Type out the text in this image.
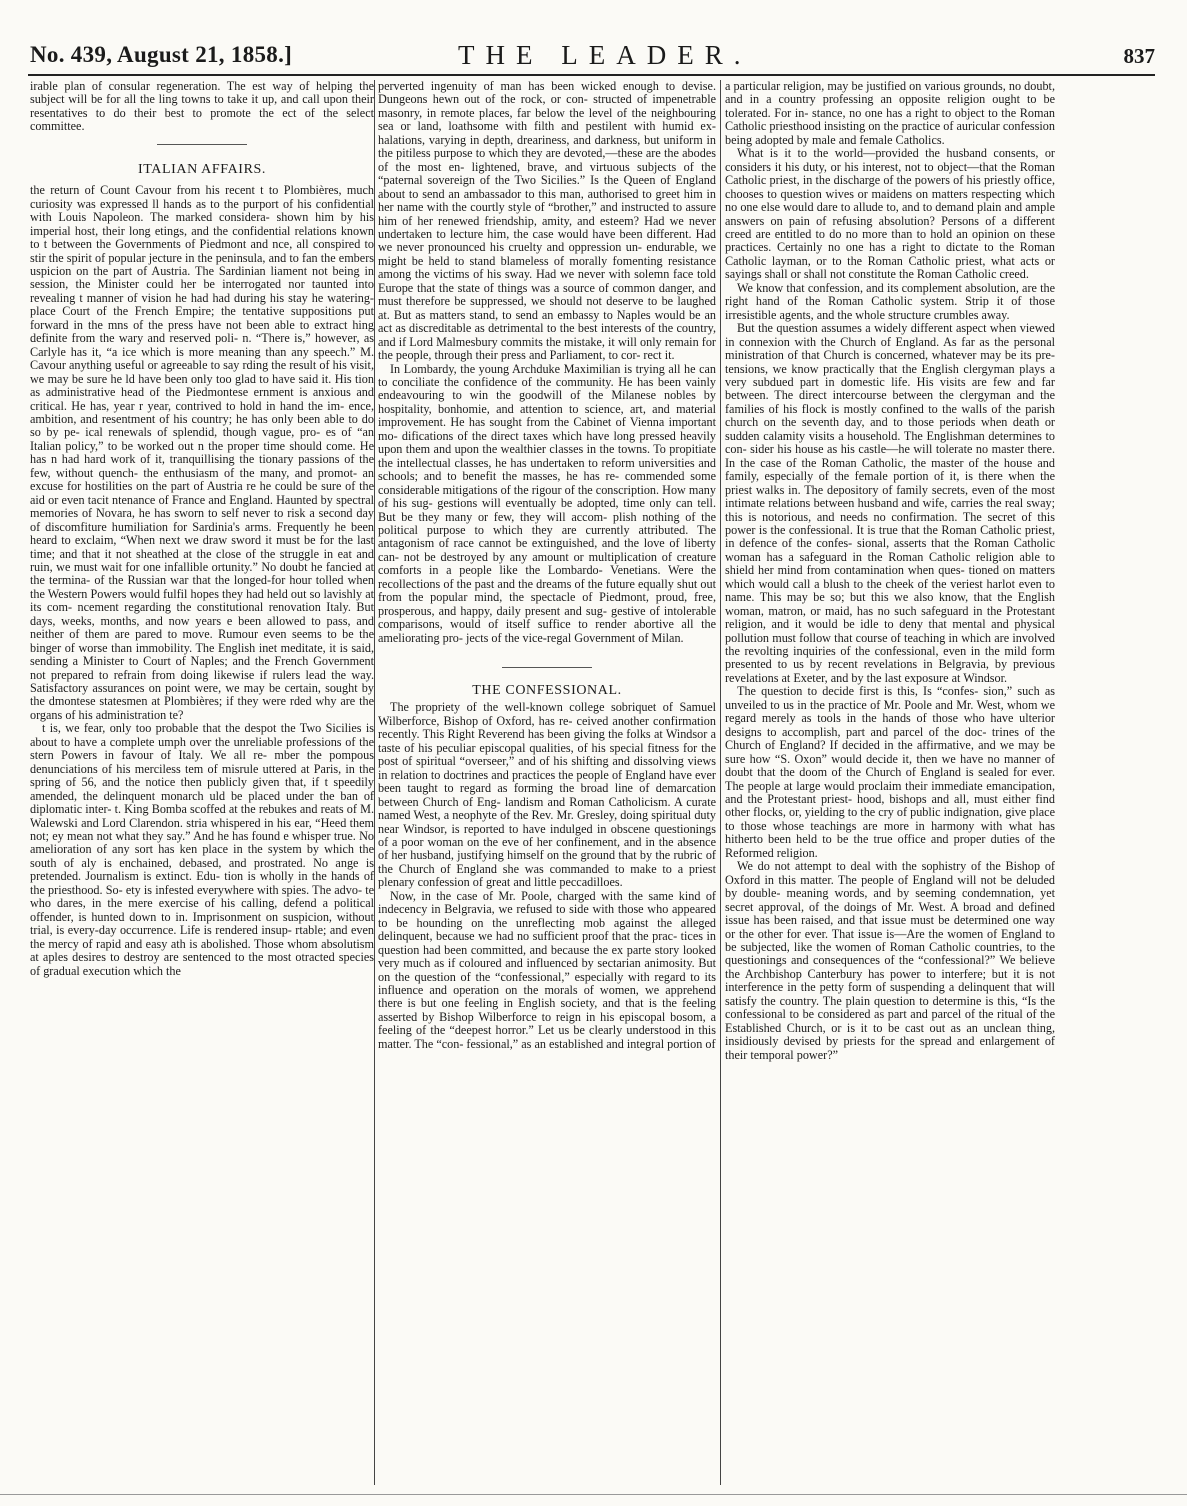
No. 439, August 21, 1858.]	THE LEADER.	837

irable plan of consular regeneration. The est way of helping the subject will be for all the ling towns to take it up, and call upon their resentatives to do their best to promote the ect of the select committee.

ITALIAN AFFAIRS.

the return of Count Cavour from his recent t to Plombières, much curiosity was expressed ll hands as to the purport of his confidential with Louis Napoleon. The marked considera- shown him by his imperial host, their long etings, and the confidential relations known to t between the Governments of Piedmont and nce, all conspired to stir the spirit of popular jecture in the peninsula, and to fan the embers uspicion on the part of Austria. The Sardinian liament not being in session, the Minister could her be interrogated nor taunted into revealing t manner of vision he had had during his stay he watering-place Court of the French Empire; the tentative suppositions put forward in the mns of the press have not been able to extract hing definite from the wary and reserved poli- n. “There is,” however, as Carlyle has it, “a ice which is more meaning than any speech.” M. Cavour anything useful or agreeable to say rding the result of his visit, we may be sure he ld have been only too glad to have said it. His tion as administrative head of the Piedmontese ernment is anxious and critical. He has, year r year, contrived to hold in hand the im- ence, ambition, and resentment of his country; he has only been able to do so by pe- ical renewals of splendid, though vague, pro- es of “an Italian policy,” to be worked out n the proper time should come. He has n had hard work of it, tranquillising the tionary passions of the few, without quench- the enthusiasm of the many, and promot- an excuse for hostilities on the part of Austria re he could be sure of the aid or even tacit ntenance of France and England. Haunted by spectral memories of Novara, he has sworn to self never to risk a second day of discomfiture humiliation for Sardinia's arms. Frequently he been heard to exclaim, “When next we draw sword it must be for the last time; and that it not sheathed at the close of the struggle in eat and ruin, we must wait for one infallible ortunity.” No doubt he fancied at the termina- of the Russian war that the longed-for hour tolled when the Western Powers would fulfil hopes they had held out so lavishly at its com- ncement regarding the constitutional renovation Italy. But days, weeks, months, and now years e been allowed to pass, and neither of them are pared to move. Rumour even seems to be the binger of worse than immobility. The English inet meditate, it is said, sending a Minister to Court of Naples; and the French Government not prepared to refrain from doing likewise if rulers lead the way. Satisfactory assurances on point were, we may be certain, sought by the dmontese statesmen at Plombières; if they were rded why are the organs of his administration te?

t is, we fear, only too probable that the despot the Two Sicilies is about to have a complete umph over the unreliable professions of the stern Powers in favour of Italy. We all re- mber the pompous denunciations of his merciless tem of misrule uttered at Paris, in the spring of 56, and the notice then publicly given that, if t speedily amended, the delinquent monarch uld be placed under the ban of diplomatic inter- t. King Bomba scoffed at the rebukes and reats of M. Walewski and Lord Clarendon. stria whispered in his ear, “Heed them not; ey mean not what they say.” And he has found e whisper true. No amelioration of any sort has ken place in the system by which the south of aly is enchained, debased, and prostrated. No ange is pretended. Journalism is extinct. Edu- tion is wholly in the hands of the priesthood. So- ety is infested everywhere with spies. The advo- te who dares, in the mere exercise of his calling, defend a political offender, is hunted down to in. Imprisonment on suspicion, without trial, is every-day occurrence. Life is rendered insup- rtable; and even the mercy of rapid and easy ath is abolished. Those whom absolutism at aples desires to destroy are sentenced to the most otracted species of gradual execution which the

perverted ingenuity of man has been wicked enough to devise. Dungeons hewn out of the rock, or con- structed of impenetrable masonry, in remote places, far below the level of the neighbouring sea or land, loathsome with filth and pestilent with humid ex- halations, varying in depth, dreariness, and darkness, but uniform in the pitiless purpose to which they are devoted,—these are the abodes of the most en- lightened, brave, and virtuous subjects of the “paternal sovereign of the Two Sicilies.” Is the Queen of England about to send an ambassador to this man, authorised to greet him in her name with the courtly style of “brother,” and instructed to assure him of her renewed friendship, amity, and esteem? Had we never undertaken to lecture him, the case would have been different. Had we never pronounced his cruelty and oppression un- endurable, we might be held to stand blameless of morally fomenting resistance among the victims of his sway. Had we never with solemn face told Europe that the state of things was a source of common danger, and must therefore be suppressed, we should not deserve to be laughed at. But as matters stand, to send an embassy to Naples would be an act as discreditable as detrimental to the best interests of the country, and if Lord Malmesbury commits the mistake, it will only remain for the people, through their press and Parliament, to cor- rect it.

In Lombardy, the young Archduke Maximilian is trying all he can to conciliate the confidence of the community. He has been vainly endeavouring to win the goodwill of the Milanese nobles by hospitality, bonhomie, and attention to science, art, and material improvement. He has sought from the Cabinet of Vienna important mo- difications of the direct taxes which have long pressed heavily upon them and upon the wealthier classes in the towns. To propitiate the intellectual classes, he has undertaken to reform universities and schools; and to benefit the masses, he has re- commended some considerable mitigations of the rigour of the conscription. How many of his sug- gestions will eventually be adopted, time only can tell. But be they many or few, they will accom- plish nothing of the political purpose to which they are currently attributed. The antagonism of race cannot be extinguished, and the love of liberty can- not be destroyed by any amount or multiplication of creature comforts in a people like the Lombardo- Venetians. Were the recollections of the past and the dreams of the future equally shut out from the popular mind, the spectacle of Piedmont, proud, free, prosperous, and happy, daily present and sug- gestive of intolerable comparisons, would of itself suffice to render abortive all the ameliorating pro- jects of the vice-regal Government of Milan.

THE CONFESSIONAL.

The propriety of the well-known college sobriquet of Samuel Wilberforce, Bishop of Oxford, has re- ceived another confirmation recently. This Right Reverend has been giving the folks at Windsor a taste of his peculiar episcopal qualities, of his special fitness for the post of spiritual “overseer,” and of his shifting and dissolving views in relation to doctrines and practices the people of England have ever been taught to regard as forming the broad line of demarcation between Church of Eng- landism and Roman Catholicism. A curate named West, a neophyte of the Rev. Mr. Gresley, doing spiritual duty near Windsor, is reported to have indulged in obscene questionings of a poor woman on the eve of her confinement, and in the absence of her husband, justifying himself on the ground that by the rubric of the Church of England she was commanded to make to a priest plenary confession of great and little peccadilloes.

Now, in the case of Mr. Poole, charged with the same kind of indecency in Belgravia, we refused to side with those who appeared to be hounding on the unreflecting mob against the alleged delinquent, because we had no sufficient proof that the prac- tices in question had been committed, and because the ex parte story looked very much as if coloured and influenced by sectarian animosity. But on the question of the “confessional,” especially with regard to its influence and operation on the morals of women, we apprehend there is but one feeling in English society, and that is the feeling asserted by Bishop Wilberforce to reign in his episcopal bosom, a feeling of the “deepest horror.” Let us be clearly understood in this matter. The “con- fessional,” as an established and integral portion of

a particular religion, may be justified on various grounds, no doubt, and in a country professing an opposite religion ought to be tolerated. For in- stance, no one has a right to object to the Roman Catholic priesthood insisting on the practice of auricular confession being adopted by male and female Catholics.

What is it to the world—provided the husband consents, or considers it his duty, or his interest, not to object—that the Roman Catholic priest, in the discharge of the powers of his priestly office, chooses to question wives or maidens on matters respecting which no one else would dare to allude to, and to demand plain and ample answers on pain of refusing absolution? Persons of a different creed are entitled to do no more than to hold an opinion on these practices. Certainly no one has a right to dictate to the Roman Catholic layman, or to the Roman Catholic priest, what acts or sayings shall or shall not constitute the Roman Catholic creed.

We know that confession, and its complement absolution, are the right hand of the Roman Catholic system. Strip it of those irresistible agents, and the whole structure crumbles away.

But the question assumes a widely different aspect when viewed in connexion with the Church of England. As far as the personal ministration of that Church is concerned, whatever may be its pre- tensions, we know practically that the English clergyman plays a very subdued part in domestic life. His visits are few and far between. The direct intercourse between the clergyman and the families of his flock is mostly confined to the walls of the parish church on the seventh day, and to those periods when death or sudden calamity visits a household. The Englishman determines to con- sider his house as his castle—he will tolerate no master there. In the case of the Roman Catholic, the master of the house and family, especially of the female portion of it, is there when the priest walks in. The depository of family secrets, even of the most intimate relations between husband and wife, carries the real sway; this is notorious, and needs no confirmation. The secret of this power is the confessional. It is true that the Roman Catholic priest, in defence of the confes- sional, asserts that the Roman Catholic woman has a safeguard in the Roman Catholic religion able to shield her mind from contamination when ques- tioned on matters which would call a blush to the cheek of the veriest harlot even to name. This may be so; but this we also know, that the English woman, matron, or maid, has no such safeguard in the Protestant religion, and it would be idle to deny that mental and physical pollution must follow that course of teaching in which are involved the revolting inquiries of the confessional, even in the mild form presented to us by recent revelations in Belgravia, by previous revelations at Exeter, and by the last exposure at Windsor.

The question to decide first is this, Is “confes- sion,” such as unveiled to us in the practice of Mr. Poole and Mr. West, whom we regard merely as tools in the hands of those who have ulterior designs to accomplish, part and parcel of the doc- trines of the Church of England? If decided in the affirmative, and we may be sure how “S. Oxon” would decide it, then we have no manner of doubt that the doom of the Church of England is sealed for ever. The people at large would proclaim their immediate emancipation, and the Protestant priest- hood, bishops and all, must either find other flocks, or, yielding to the cry of public indignation, give place to those whose teachings are more in harmony with what has hitherto been held to be the true office and proper duties of the Reformed religion.

We do not attempt to deal with the sophistry of the Bishop of Oxford in this matter. The people of England will not be deluded by double- meaning words, and by seeming condemnation, yet secret approval, of the doings of Mr. West. A broad and defined issue has been raised, and that issue must be determined one way or the other for ever. That issue is—Are the women of England to be subjected, like the women of Roman Catholic countries, to the questionings and consequences of the “confessional?” We believe the Archbishop Canterbury has power to interfere; but it is not interference in the petty form of suspending a delinquent that will satisfy the country. The plain question to determine is this, “Is the confessional to be considered as part and parcel of the ritual of the Established Church, or is it to be cast out as an unclean thing, insidiously devised by priests for the spread and enlargement of their temporal power?”
